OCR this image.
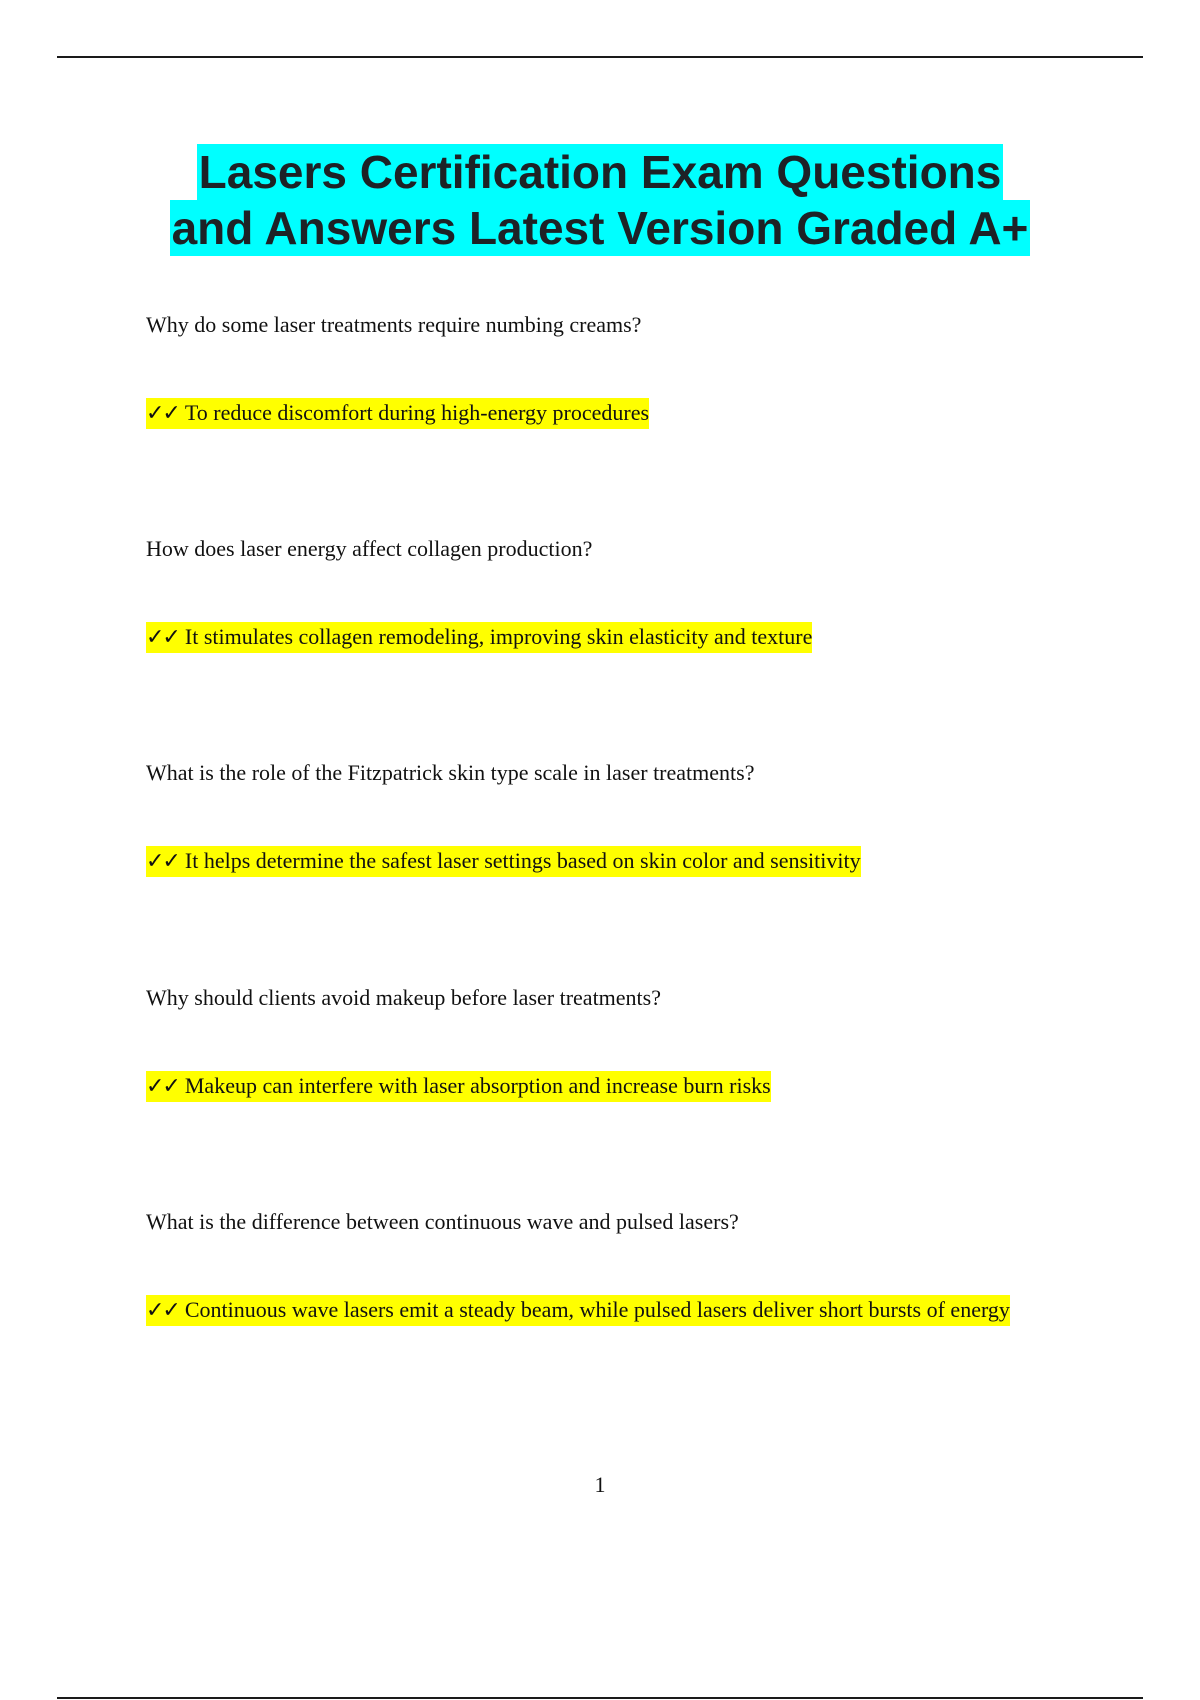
Lasers Certification Exam Questions
and Answers Latest Version Graded A+

Why do some laser treatments require numbing creams?

✓✓ To reduce discomfort during high-energy procedures

How does laser energy affect collagen production?

✓✓ It stimulates collagen remodeling, improving skin elasticity and texture

What is the role of the Fitzpatrick skin type scale in laser treatments?

✓✓ It helps determine the safest laser settings based on skin color and sensitivity

Why should clients avoid makeup before laser treatments?

✓✓ Makeup can interfere with laser absorption and increase burn risks

What is the difference between continuous wave and pulsed lasers?

✓✓ Continuous wave lasers emit a steady beam, while pulsed lasers deliver short bursts of energy

1
